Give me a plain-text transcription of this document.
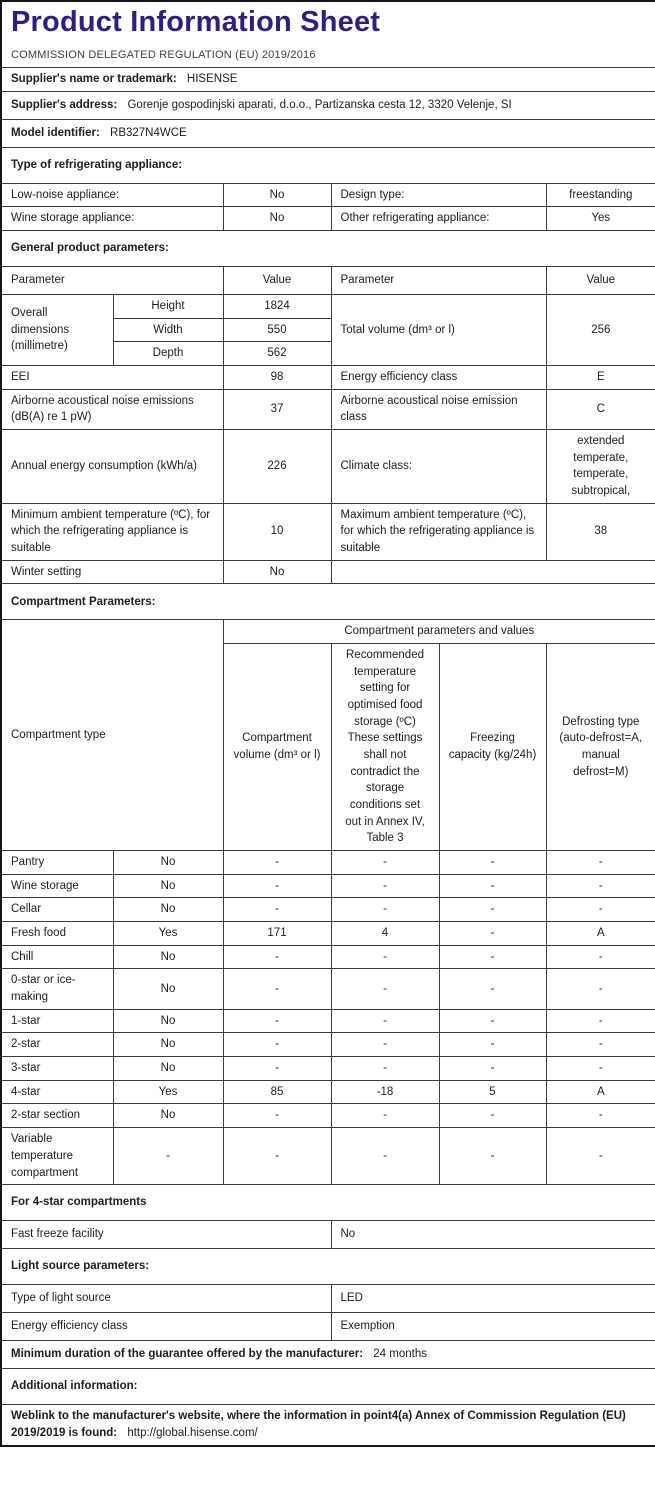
Product Information Sheet
COMMISSION DELEGATED REGULATION (EU) 2019/2016					

Supplier's name or trademark: HISENSE					
Supplier's address: Gorenje gospodinjski aparati, d.o.o., Partizanska cesta 12, 3320 Velenje, SI					
Model identifier: RB327N4WCE					
Type of refrigerating appliance:					
Low-noise appliance:		No	Design type:		freestanding
Wine storage appliance:		No	Other refrigerating appliance:		Yes
General product parameters:					
Parameter		Value	Parameter		Value
Overall dimensions (millimetre)	Height	1824	Total volume (dm³ or l)		256
	Width	550			
	Depth	562			
EEI		98	Energy efficiency class		E
Airborne acoustical noise emissions (dB(A) re 1 pW)		37	Airborne acoustical noise emission class		C
Annual energy consumption (kWh/a)		226	Climate class:		extended temperate, temperate, subtropical,
Minimum ambient temperature (ºC), for which the refrigerating appliance is suitable		10	Maximum ambient temperature (ºC), for which the refrigerating appliance is suitable		38
Winter setting		No			
Compartment Parameters:					
Compartment type		Compartment parameters and values			
		Compartment volume (dm³ or l)	Recommended temperature setting for optimised food storage (ºC) These settings shall not contradict the storage conditions set out in Annex IV, Table 3	Freezing capacity (kg/24h)	Defrosting type (auto-defrost=A, manual defrost=M)
Pantry	No	-	-	-	-
Wine storage	No	-	-	-	-
Cellar	No	-	-	-	-
Fresh food	Yes	171	4	-	A
Chill	No	-	-	-	-
0-star or ice-making	No	-	-	-	-
1-star	No	-	-	-	-
2-star	No	-	-	-	-
3-star	No	-	-	-	-
4-star	Yes	85	-18	5	A
2-star section	No	-	-	-	-
Variable temperature compartment	-	-	-	-	-
For 4-star compartments					
Fast freeze facility			No		
Light source parameters:					
Type of light source			LED		
Energy efficiency class			Exemption		
Minimum duration of the guarantee offered by the manufacturer: 24 months					
Additional information:					
Weblink to the manufacturer's website, where the information in point4(a) Annex of Commission Regulation (EU) 2019/2019 is found: http://global.hisense.com/					
